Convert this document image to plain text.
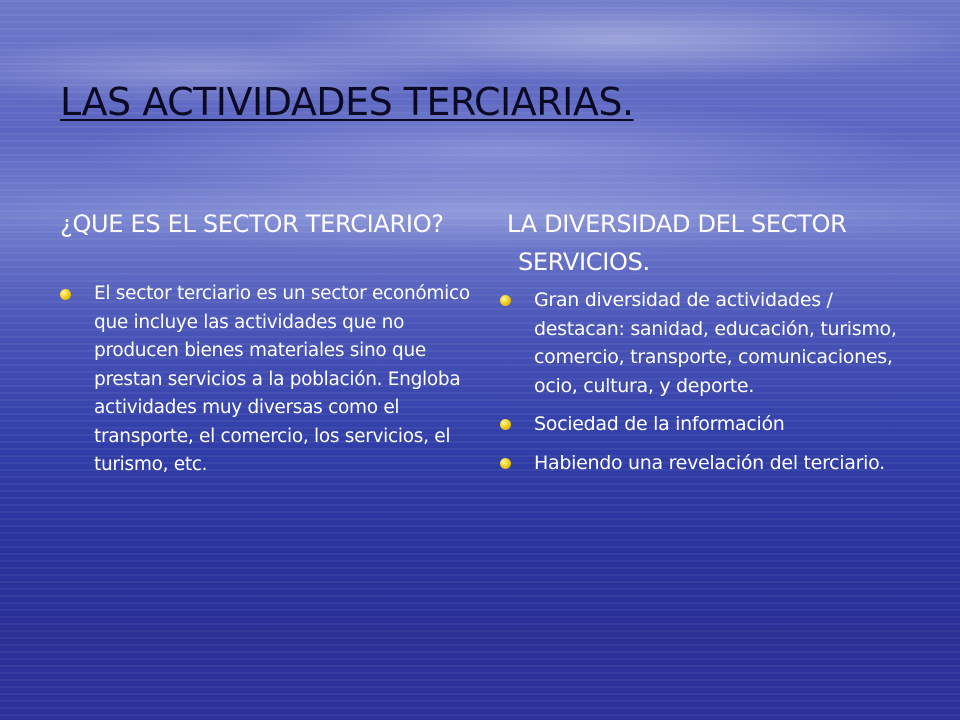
LAS ACTIVIDADES TERCIARIAS.
¿QUE ES EL SECTOR TERCIARIO?
El sector terciario es un sector económico que incluye las actividades que no producen bienes materiales sino que prestan servicios a la población. Engloba actividades muy diversas como el transporte, el comercio, los servicios, el turismo, etc.
LA DIVERSIDAD DEL SECTOR
SERVICIOS.
Gran diversidad de actividades / destacan: sanidad, educación, turismo, comercio, transporte, comunicaciones, ocio, cultura, y deporte.
Sociedad de la información
Habiendo una revelación del terciario.
